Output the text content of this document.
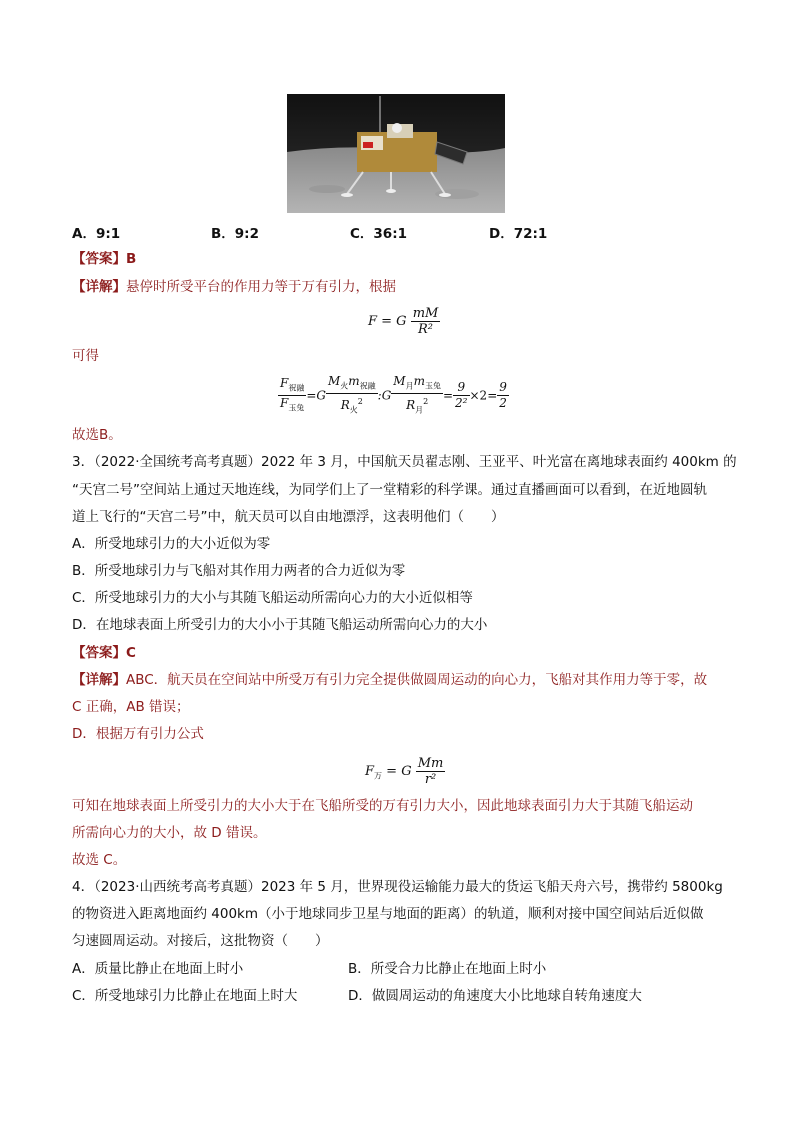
A．9:1	B．9:2	C．36:1	D．72:1
【答案】B
【详解】悬停时所受平台的作用力等于万有引力，根据
F = G $\frac{mM}{\text{R²}}$
可得
$\frac{F_{祝融}}{F_{玉兔}} =G \frac{M_火m_{祝融}}{R_火^2}$ :G $\frac{M_月m_{玉兔}}{R_月^2} = \frac{9}{\text{2²}} \times 2= \frac{9}{2}$
故选B。
3．（2022·全国统考高考真题）2022 年 3 月，中国航天员翟志刚、王亚平、叶光富在离地球表面约 400km 的
“天宫二号”空间站上通过天地连线，为同学们上了一堂精彩的科学课。通过直播画面可以看到，在近地圆轨
道上飞行的“天宫二号”中，航天员可以自由地漂浮，这表明他们（　　）
A．所受地球引力的大小近似为零
B．所受地球引力与飞船对其作用力两者的合力近似为零
C．所受地球引力的大小与其随飞船运动所需向心力的大小近似相等
D．在地球表面上所受引力的大小小于其随飞船运动所需向心力的大小
【答案】C
【详解】ABC．航天员在空间站中所受万有引力完全提供做圆周运动的向心力，飞船对其作用力等于零，故
C 正确，AB 错误；
D．根据万有引力公式
$F_万 = G \frac{Mm}{\text{r²}}$
可知在地球表面上所受引力的大小大于在飞船所受的万有引力大小，因此地球表面引力大于其随飞船运动
所需向心力的大小，故 D 错误。
故选 C。
4．（2023·山西统考高考真题）2023 年 5 月，世界现役运输能力最大的货运飞船天舟六号，携带约 5800kg
的物资进入距离地面约 400km（小于地球同步卫星与地面的距离）的轨道，顺利对接中国空间站后近似做
匀速圆周运动。对接后，这批物资（　　）
A．质量比静止在地面上时小	B．所受合力比静止在地面上时小
C．所受地球引力比静止在地面上时大	D．做圆周运动的角速度大小比地球自转角速度大
